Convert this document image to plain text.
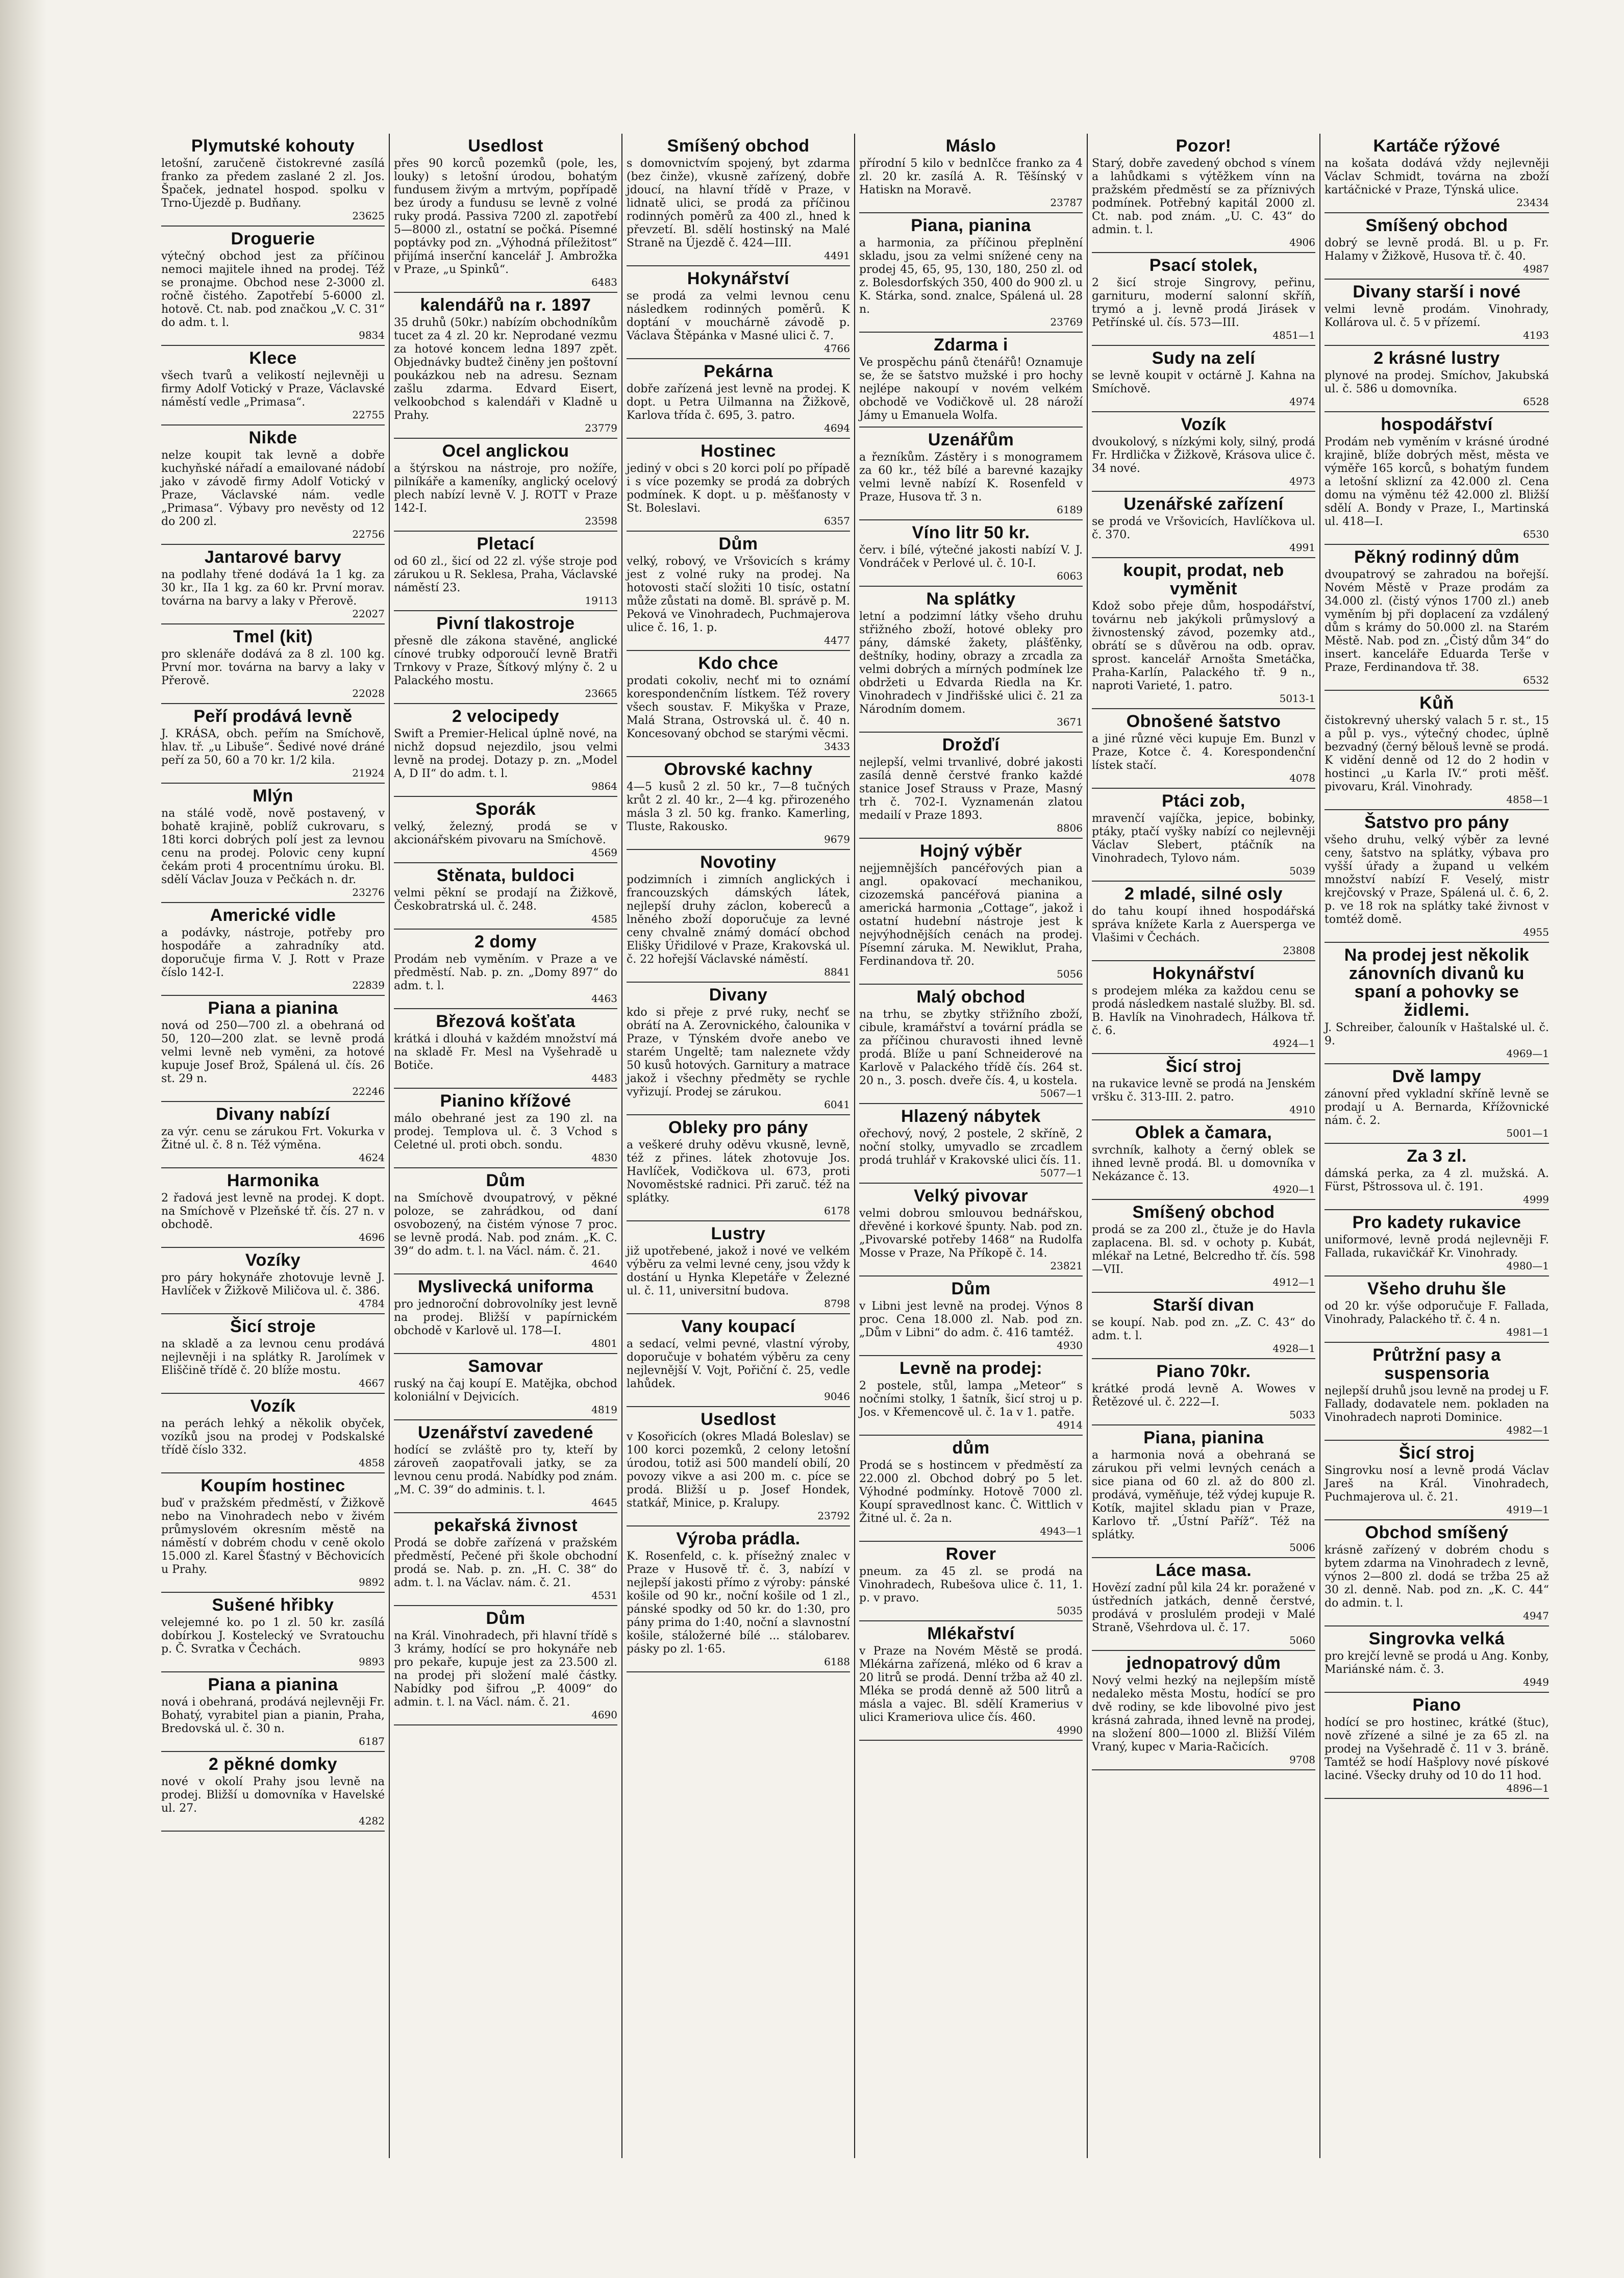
Plymutské kohouty
letošní, zaručeně čistokrevné zasílá franko za předem zaslané 2 zl. Jos. Špaček, jednatel hospod. spolku v Trno-Újezdě p. Budňany.
23625
Droguerie
výtečný obchod jest za příčinou nemoci majitele ihned na prodej. Též se pronajme. Obchod nese 2-3000 zl. ročně čistého. Zapotřebí 5-6000 zl. hotově. Ct. nab. pod značkou „V. C. 31“ do adm. t. l.
9834
Klece
všech tvarů a velikostí nejlevněji u firmy Adolf Votický v Praze, Václavské náměstí vedle „Primasa“.
22755
Nikde
nelze koupit tak levně a dobře kuchyňské nářadí a emailované nádobí jako v závodě firmy Adolf Votický v Praze, Václavské nám. vedle „Primasa“. Výbavy pro nevěsty od 12 do 200 zl.
22756
Jantarové barvy
na podlahy třené dodává 1a 1 kg. za 30 kr., IIa 1 kg. za 60 kr. První morav. továrna na barvy a laky v Přerově.
22027
Tmel (kit)
pro sklenáře dodává za 8 zl. 100 kg. První mor. továrna na barvy a laky v Přerově.
22028
Peří prodává levně
J. KRÁSA, obch. peřím na Smíchově, hlav. tř. „u Libuše“. Šedivé nové dráné peří za 50, 60 a 70 kr. 1/2 kila.
21924
Mlýn
na stálé vodě, nově postavený, v bohatě krajině, poblíž cukrovaru, s 18ti korci dobrých polí jest za levnou cenu na prodej. Polovic ceny kupní čekám proti 4 procentnímu úroku. Bl. sdělí Václav Jouza v Pečkách n. dr.
23276
Americké vidle
a podávky, nástroje, potřeby pro hospodáře a zahradníky atd. doporučuje firma V. J. Rott v Praze číslo 142-I.
22839
Piana a pianina
nová od 250—700 zl. a obehraná od 50, 120—200 zlat. se levně prodá velmi levně neb vyměni, za hotové kupuje Josef Brož, Spálená ul. čís. 26 st. 29 n.
22246
Divany nabízí
za výr. cenu se zárukou Frt. Vokurka v Žitné ul. č. 8 n. Též výměna.
4624
Harmonika
2 řadová jest levně na prodej. K dopt. na Smíchově v Plzeňské tř. čís. 27 n. v obchodě.
4696
Vozíky
pro páry hokynáře zhotovuje levně J. Havlíček v Žižkově Miličova ul. č. 386.
4784
Šicí stroje
na skladě a za levnou cenu prodává nejlevněji i na splátky R. Jarolímek v Eliščině třídě č. 20 blíže mostu.
4667
Vozík
na perách lehký a několik obyček, vozíků jsou na prodej v Podskalské třídě číslo 332.
4858
Koupím hostinec
buď v pražském předměstí, v Žižkově nebo na Vinohradech nebo v živém průmyslovém okresním městě na náměstí v dobrém chodu v ceně okolo 15.000 zl. Karel Šťastný v Běchovicích u Prahy.
9892
Sušené hřibky
velejemné ko. po 1 zl. 50 kr. zasílá dobírkou J. Kostelecký ve Svratouchu p. Č. Svratka v Čechách.
9893
Piana a pianina
nová i obehraná, prodává nejlevněji Fr. Bohatý, vyrabitel pian a pianin, Praha, Bredovská ul. č. 30 n.
6187
2 pěkné domky
nové v okolí Prahy jsou levně na prodej. Bližší u domovníka v Havelské ul. 27.
4282
Usedlost
přes 90 korců pozemků (pole, les, louky) s letošní úrodou, bohatým fundusem živým a mrtvým, popřípadě bez úrody a fundusu se levně z volné ruky prodá. Passiva 7200 zl. zapotřebí 5—8000 zl., ostatní se počká. Písemné poptávky pod zn. „Výhodná příležitost“ přijímá inserční kancelář J. Ambrožka v Praze, „u Spinků“.
6483
kalendářů na r. 1897
35 druhů (50kr.) nabízím obchodníkům tucet za 4 zl. 20 kr. Neprodané vezmu za hotové koncem ledna 1897 zpět. Objednávky budtež činěny jen poštovní poukázkou neb na adresu. Seznam zašlu zdarma. Edvard Eisert, velkoobchod s kalendáři v Kladně u Prahy.
23779
Ocel anglickou
a štýrskou na nástroje, pro nožíře, pilníkáře a kameníky, anglický ocelový plech nabízí levně V. J. ROTT v Praze 142-I.
23598
Pletací
od 60 zl., šicí od 22 zl. výše stroje pod zárukou u R. Seklesa, Praha, Václavské náměstí 23.
19113
Pivní tlakostroje
přesně dle zákona stavěné, anglické cínové trubky odporoučí levně Bratři Trnkovy v Praze, Šítkový mlýny č. 2 u Palackého mostu.
23665
2 velocipedy
Swift a Premier-Helical úplně nové, na nichž dopsud nejezdilo, jsou velmi levně na prodej. Dotazy p. zn. „Model A, D II“ do adm. t. l.
9864
Sporák
velký, železný, prodá se v akcionářském pivovaru na Smíchově.
4569
Stěnata, buldoci
velmi pěkní se prodají na Žižkově, Českobratrská ul. č. 248.
4585
2 domy
Prodám neb vyměním. v Praze a ve předměstí. Nab. p. zn. „Domy 897“ do adm. t. l.
4463
Březová košťata
krátká i dlouhá v každém množství má na skladě Fr. Mesl na Vyšehradě u Botiče.
4483
Pianino křížové
málo obehrané jest za 190 zl. na prodej. Templova ul. č. 3 Vchod s Celetné ul. proti obch. sondu.
4830
Dům
na Smíchově dvoupatrový, v pěkné poloze, se zahrádkou, od daní osvobozený, na čistém výnose 7 proc. se levně prodá. Nab. pod znám. „K. C. 39“ do adm. t. l. na Václ. nám. č. 21.
4640
Myslivecká uniforma
pro jednoroční dobrovolníky jest levně na prodej. Bližší v papírnickém obchodě v Karlově ul. 178—I.
4801
Samovar
ruský na čaj koupí E. Matějka, obchod koloniální v Dejvicích.
4819
Uzenářství zavedené
hodící se zvláště pro ty, kteří by zároveň zaopatřovali jatky, se za levnou cenu prodá. Nabídky pod znám. „M. C. 39“ do adminis. t. l.
4645
pekařská živnost
Prodá se dobře zařízená v pražském předměstí, Pečené při škole obchodní prodá se. Nab. p. zn. „H. C. 38“ do adm. t. l. na Václav. nám. č. 21.
4531
Dům
na Král. Vinohradech, při hlavní třídě s 3 krámy, hodící se pro hokynáře neb pro pekaře, kupuje jest za 23.500 zl. na prodej při složení malé částky. Nabídky pod šifrou „P. 4009“ do admin. t. l. na Václ. nám. č. 21.
4690
Smíšený obchod
s domovnictvím spojený, byt zdarma (bez činže), vkusně zařízený, dobře jdoucí, na hlavní třídě v Praze, v lidnatě ulici, se prodá za příčinou rodinných poměrů za 400 zl., hned k převzetí. Bl. sdělí hostinský na Malé Straně na Újezdě č. 424—III.
4491
Hokynářství
se prodá za velmi levnou cenu následkem rodinných poměrů. K doptání v mouchárně závodě p. Václava Štěpánka v Masné ulici č. 7.
4766
Pekárna
dobře zařízená jest levně na prodej. K dopt. u Petra Uilmanna na Žižkově, Karlova třída č. 695, 3. patro.
4694
Hostinec
jediný v obci s 20 korci polí po případě i s více pozemky se prodá za dobrých podmínek. K dopt. u p. měšťanosty v St. Boleslavi.
6357
Dům
velký, robový, ve Vršovicích s krámy jest z volné ruky na prodej. Na hotovosti stačí složiti 10 tisíc, ostatní může zůstati na domě. Bl. správě p. M. Peková ve Vinohradech, Puchmajerova ulice č. 16, 1. p.
4477
Kdo chce
prodati cokoliv, nechť mi to oznámí korespondenčním lístkem. Též rovery všech soustav. F. Mikyška v Praze, Malá Strana, Ostrovská ul. č. 40 n. Koncesovaný obchod se starými věcmi.
3433
Obrovské kachny
4—5 kusů 2 zl. 50 kr., 7—8 tučných krůt 2 zl. 40 kr., 2—4 kg. přirozeného másla 3 zl. 50 kg. franko. Kamerling, Tluste, Rakousko.
9679
Novotiny
podzimních i zimních anglických i francouzských dámských látek, nejlepší druhy záclon, kobereců a lněného zboží doporučuje za levné ceny chvalně známý domácí obchod Elišky Úřidilové v Praze, Krakovská ul. č. 22 hořejší Václavské náměstí.
8841
Divany
kdo si přeje z prvé ruky, nechť se obrátí na A. Zerovnického, čalounika v Praze, v Týnském dvoře anebo ve starém Ungeltě; tam naleznete vždy 50 kusů hotových. Garnitury a matrace jakož i všechny předměty se rychle vyřizují. Prodej se zárukou.
6041
Obleky pro pány
a veškeré druhy oděvu vkusně, levně, též z přines. látek zhotovuje Jos. Havlíček, Vodičkova ul. 673, proti Novoměstské radnici. Při zaruč. též na splátky.
6178
Lustry
již upotřebené, jakož i nové ve velkém výběru za velmi levné ceny, jsou vždy k dostání u Hynka Klepetáře v Železné ul. č. 11, universitní budova.
8798
Vany koupací
a sedací, velmi pevné, vlastní výroby, doporučuje v bohatém výběru za ceny nejlevnější V. Vojt, Pořiční č. 25, vedle lahůdek.
9046
Usedlost
v Kosořicích (okres Mladá Boleslav) se 100 korci pozemků, 2 celony letošní úrodou, totiž asi 500 mandelí obilí, 20 povozy vikve a asi 200 m. c. píce se prodá. Bližší u p. Josef Hondek, statkář, Minice, p. Kralupy.
23792
Výroba prádla.
K. Rosenfeld, c. k. přísežný znalec v Praze v Husově tř. č. 3, nabízí v nejlepší jakosti přímo z výroby: pánské košile od 90 kr., noční košile od 1 zl., pánské spodky od 50 kr. do 1:30, pro pány prima do 1:40, noční a slavnostní košile, stáložerné bílé ... stálobarev. pásky po zl. 1·65.
6188
Máslo
přírodní 5 kilo v bednIčce franko za 4 zl. 20 kr. zasílá A. R. Těšínský v Hatiskn na Moravě.
23787
Piana, pianina
a harmonia, za příčinou přeplnění skladu, jsou za velmi snížené ceny na prodej 45, 65, 95, 130, 180, 250 zl. od z. Bolesdorfských 350, 400 do 900 zl. u K. Stárka, sond. znalce, Spálená ul. 28 n.
23769
Zdarma i
Ve prospěchu pánů čtenářů! Oznamuje se, že se šatstvo mužské i pro hochy nejlépe nakoupí v novém velkém obchodě ve Vodičkově ul. 28 nároží Jámy u Emanuela Wolfa.
Uzenářům
a řezníkům. Zástěry i s monogramem za 60 kr., též bílé a barevné kazajky velmi levně nabízí K. Rosenfeld v Praze, Husova tř. 3 n.
6189
Víno litr 50 kr.
červ. i bílé, výtečné jakosti nabízí V. J. Vondráček v Perlové ul. č. 10-I.
6063
Na splátky
letní a podzimní látky všeho druhu střižného zboží, hotové obleky pro pány, dámské žakety, plášťěnky, deštníky, hodiny, obrazy a zrcadla za velmi dobrých a mírných podmínek lze obdržeti u Edvarda Riedla na Kr. Vinohradech v Jindřišské ulici č. 21 za Národním domem.
3671
Drožďí
nejlepší, velmi trvanlivé, dobré jakosti zasílá denně čerstvé franko každé stanice Josef Strauss v Praze, Masný trh č. 702-I. Vyznamenán zlatou medailí v Praze 1893.
8806
Hojný výběr
nejjemnějších pancéřových pian a angl. opakovací mechanikou, cizozemská pancéřová pianina a americká harmonia „Cottage“, jakož i ostatní hudební nástroje jest k nejvýhodnějších cenách na prodej. Písemní zárukа. M. Newiklut, Praha, Ferdinandova tř. 20.
5056
Malý obchod
na trhu, se zbytky střižního zboží, cibule, kramářství a tovární prádla se za příčinou churavosti ihned levně prodá. Blíže u paní Schneiderové na Karlově v Palackého třídě čís. 264 st. 20 n., 3. posch. dveře čís. 4, u kostela.
5067—1
Hlazený nábytek
ořechový, nový, 2 postele, 2 skříně, 2 noční stolky, umyvadlo se zrcadlem prodá truhlář v Krakovské ulici čís. 11.
5077—1
Velký pivovar
velmi dobrou smlouvou bednářskou, dřevěné i korkové špunty. Nab. pod zn. „Pivovarské potřeby 1468“ na Rudolfa Mosse v Praze, Na Příkopě č. 14.
23821
Dům
v Libni jest levně na prodej. Výnos 8 proc. Cena 18.000 zl. Nab. pod zn. „Dům v Libni“ do adm. č. 416 tamtéž.
4930
Levně na prodej:
2 postele, stůl, lampa „Meteor“ s nočními stolky, 1 šatník, šicí stroj u p. Jos. v Křemencově ul. č. 1a v 1. patře.
4914
dům
Prodá se s hostincem v předměstí za 22.000 zl. Obchod dobrý po 5 let. Výhodné podmínky. Hotově 7000 zl. Koupí spravedlnost kanc. Č. Wittlich v Žitné ul. č. 2a n.
4943—1
Rover
pneum. za 45 zl. se prodá na Vinohradech, Rubešova ulice č. 11, 1. p. v pravo.
5035
Mlékařství
v Praze na Novém Městě se prodá. Mlékárna zařízená, mléko od 6 krav a 20 litrů se prodá. Denní tržba až 40 zl. Mléka se prodá denně až 500 litrů a másla a vajec. Bl. sdělí Kramerius v ulici Krameriova ulice čís. 460.
4990
Pozor!
Starý, dobře zavedený obchod s vínem a lahůdkami s výtěžkem vínn na pražském předměstí se za příznivých podmínek. Potřebný kapitál 2000 zl. Ct. nab. pod znám. „U. C. 43“ do admin. t. l.
4906
Psací stolek,
2 šicí stroje Singrovy, peřinu, garnituru, moderní salonní skříň, trymó a j. levně prodá Jirásek v Petřínské ul. čís. 573—III.
4851—1
Sudy na zelí
se levně koupit v octárně J. Kahna na Smíchově.
4974
Vozík
dvoukolový, s nízkými koly, silný, prodá Fr. Hrdlička v Žižkově, Krásova ulice č. 34 nové.
4973
Uzenářské zařízení
se prodá ve Vršovicích, Havlíčkova ul. č. 370.
4991
koupit, prodat, neb vyměnit
Kdož sobo přeje dům, hospodářství, továrnu neb jakýkoli průmyslový a živnostenský závod, pozemky atd., obrátí se s důvěrou na odb. oprav. sprost. kancelář Arnošta Smetáčka, Praha-Karlín, Palackého tř. 9 n., naproti Varieté, 1. patro.
5013-1
Obnošené šatstvo
a jiné různé věci kupuje Em. Bunzl v Praze, Kotce č. 4. Korespondenční lístek stačí.
4078
Ptáci zob,
mravenčí vajíčka, jepice, bobinky, ptáky, ptačí vyšky nabízí co nejlevněji Václav Slebert, ptáčník na Vinohradech, Tylovo nám.
5039
2 mladé, silné osly
do tahu koupí ihned hospodářská správa knížete Karla z Auersperga ve Vlašimi v Čechách.
23808
Hokynářství
s prodejem mléka za každou cenu se prodá následkem nastalé služby. Bl. sd. B. Havlík na Vinohradech, Hálkova tř. č. 6.
4924—1
Šicí stroj
na rukavice levně se prodá na Jenském vršku č. 313-III. 2. patro.
4910
Oblek a čamara,
svrchník, kalhoty a černý oblek se ihned levně prodá. Bl. u domovníka v Nekázance č. 13.
4920—1
Smíšený obchod
prodá se za 200 zl., čtuže je do Havla zaplacena. Bl. sd. v ochoty p. Kubát, mlékař na Letné, Belcredho tř. čís. 598—VII.
4912—1
Starší divan
se koupí. Nab. pod zn. „Z. C. 43“ do adm. t. l.
4928—1
Piano 70kr.
krátké prodá levně A. Wowes v Řetězové ul. č. 222—I.
5033
Piana, pianina
a harmonia nová a obehraná se zárukou při velmi levných cenách a sice piana od 60 zl. až do 800 zl. prodává, vyměňuje, též výdej kupuje R. Kotík, majitel skladu pian v Praze, Karlovo tř. „Ústní Paříž“. Též na splátky.
5006
Láce masa.
Hovězí zadní půl kila 24 kr. poražené v ústředních jatkách, denně čerstvé, prodává v proslulém prodeji v Malé Straně, Všehrdova ul. č. 17.
5060
jednopatrový dům
Nový velmi hezký na nejlepším místě nedaleko města Mostu, hodící se pro dvě rodiny, se kde libovolné pivo jest krásná zahrada, ihned levně na prodej, na složení 800—1000 zl. Bližší Vilém Vraný, kupec v Maria-Račicích.
9708
Kartáče rýžové
na košata dodává vždy nejlevněji Václav Schmidt, továrna na zboží kartáčnické v Praze, Týnská ulice.
23434
Smíšený obchod
dobrý se levně prodá. Bl. u p. Fr. Halamy v Žižkově, Husova tř. č. 40.
4987
Divany starší i nové
velmi levně prodám. Vinohrady, Kollárova ul. č. 5 v přízemí.
4193
2 krásné lustry
plynové na prodej. Smíchov, Jakubská ul. č. 586 u domovníka.
6528
hospodářství
Prodám neb vyměním v krásné úrodné krajině, blíže dobrých měst, města ve výměře 165 korců, s bohatým fundem a letošní sklizní za 42.000 zl. Cena domu na výměnu též 42.000 zl. Bližší sdělí A. Bondy v Praze, I., Martinská ul. 418—I.
6530
Pěkný rodinný dům
dvoupatrový se zahradou na bořejší. Novém Městě v Praze prodám za 34.000 zl. (čistý výnos 1700 zl.) aneb vyměním bj při doplacení za vzdálený dům s krámy do 50.000 zl. na Starém Městě. Nab. pod zn. „Čistý dům 34“ do insert. kanceláře Eduarda Terše v Praze, Ferdinandova tř. 38.
6532
Kůň
čistokrevný uherský valach 5 r. st., 15 a půl p. vys., výtečný chodec, úplně bezvadný (černý bělouš levně se prodá. K vidění denně od 12 do 2 hodin v hostinci „u Karla IV.“ proti měšť. pivovaru, Král. Vinohrady.
4858—1
Šatstvo pro pány
všeho druhu, velký výběr za levné ceny, šatstvo na splátky, výbava pro vyšší úřady a župand u velkém množství nabízí F. Veselý, mistr krejčovský v Praze, Spálená ul. č. 6, 2. p. ve 18 rok na splátky také živnost v tomtéž domě.
4955
Na prodej jest několik zánovních divanů ku spaní a pohovky se židlemi.
J. Schreiber, čalouník v Haštalské ul. č. 9.
4969—1
Dvě lampy
zánovní před vykladní skříně levně se prodají u A. Bernarda, Křížovnické nám. č. 2.
5001—1
Za 3 zl.
dámská perka, za 4 zl. mužská. A. Fürst, Pštrossova ul. č. 191.
4999
Pro kadety rukavice
uniformové, levně prodá nejlevněji F. Fallada, rukavičkář Kr. Vinohrady.
4980—1
Všeho druhu šle
od 20 kr. výše odporučuje F. Fallada, Vinohrady, Palackého tř. č. 4 n.
4981—1
Průtržní pasy a suspensoria
nejlepší druhů jsou levně na prodej u F. Fallady, dodavatele nem. pokladen na Vinohradech naproti Dominice.
4982—1
Šicí stroj
Singrovku nosí a levně prodá Václav Jareš na Král. Vinohradech, Puchmajerova ul. č. 21.
4919—1
Obchod smíšený
krásně zařízený v dobrém chodu s bytem zdarma na Vinohradech z levně, výnos 2—800 zl. dodá se tržba 25 až 30 zl. denně. Nab. pod zn. „K. C. 44“ do admin. t. l.
4947
Singrovka velká
pro krejčí levně se prodá u Ang. Konby, Mariánské nám. č. 3.
4949
Piano
hodící se pro hostinec, krátké (štuc), nově zřízené a silné je za 65 zl. na prodej na Vyšehradě č. 11 v 3. bráně. Tamtéž se hodí Hašplovy nové pískové laciné. Všecky druhy od 10 do 11 hod.
4896—1
